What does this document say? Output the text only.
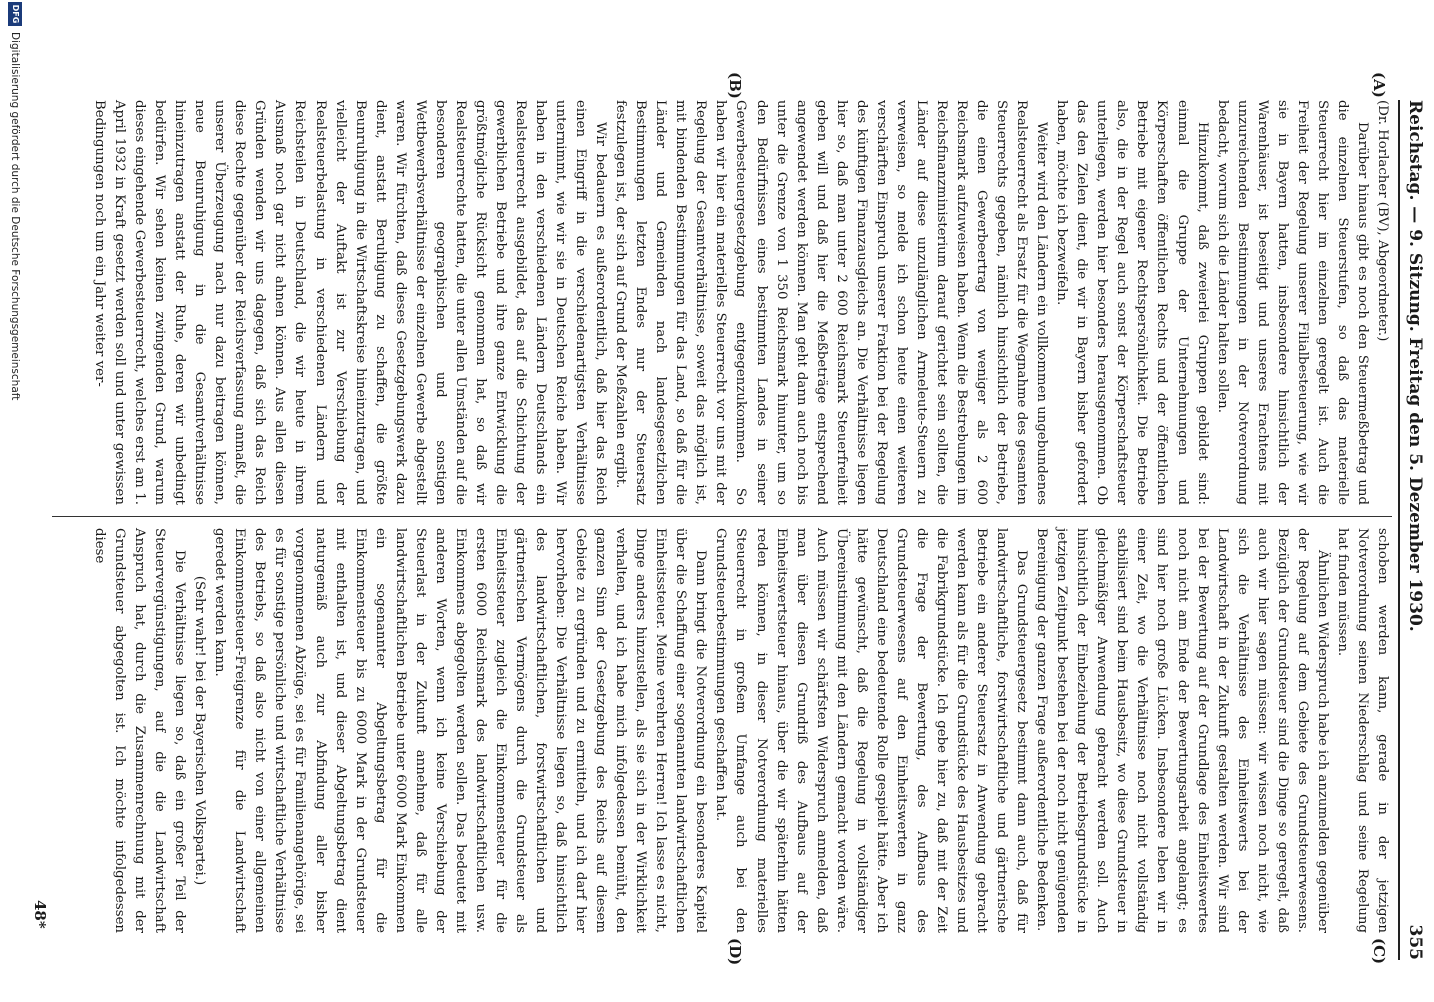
Reichstag. — 9. Sitzung. Freitag den 5. Dezember 1930.
355
(A)
(B)
(C)
(D)

(Dr. Horlacher (BV), Abgeordneter.)

Darüber hinaus gibt es noch den Steuermeßbetrag und die einzelnen Steuerstufen, so daß das materielle Steuerrecht hier im einzelnen geregelt ist. Auch die Freiheit der Regelung unserer Filialbesteuerung, wie wir sie in Bayern hatten, insbesondere hinsichtlich der Warenhäuser, ist beseitigt und unseres Erachtens mit unzureichenden Bestimmungen in der Notverordnung bedacht, worum sich die Länder halten sollen.

Hinzukommt, daß zweierlei Gruppen gebildet sind: einmal die Gruppe der Unternehmungen und Körperschaften öffentlichen Rechts und der öffentlichen Betriebe mit eigener Rechtspersönlichkeit. Die Betriebe also, die in der Regel auch sonst der Körperschaftsteuer unterliegen, werden hier besonders herausgenommen. Ob das den Zielen dient, die wir in Bayern bisher gefordert haben, möchte ich bezweifeln.

Weiter wird den Ländern ein vollkommen ungebundenes Realsteuerrecht als Ersatz für die Wegnahme des gesamten Steuerrechts gegeben, nämlich hinsichtlich der Betriebe, die einen Gewerbeertrag von weniger als 2 600 Reichsmark aufzuweisen haben. Wenn die Bestrebungen im Reichsfinanzministerium darauf gerichtet sein sollten, die Länder auf diese unzulänglichen Armeleute-Steuern zu verweisen, so melde ich schon heute einen weiteren verschärften Einspruch unserer Fraktion bei der Regelung des künftigen Finanzausgleichs an. Die Verhältnisse liegen hier so, daß man unter 2 600 Reichsmark Steuerfreiheit geben will und daß hier die Meßbeträge entsprechend angewendet werden können. Man geht dann auch noch bis unter die Grenze von 1 350 Reichsmark hinunter, um so den Bedürfnissen eines bestimmten Landes in seiner Gewerbesteuergesetzgebung entgegenzukommen. So haben wir hier ein materielles Steuerrecht vor uns mit der Regelung der Gesamtverhältnisse, soweit das möglich ist, mit bindenden Bestimmungen für das Land, so daß für die Länder und Gemeinden nach landesgesetzlichen Bestimmungen letzten Endes nur der Steuersatz festzulegen ist, der sich auf Grund der Meßzahlen ergibt.

Wir bedauern es außerordentlich, daß hier das Reich einen Eingriff in die verschiedenartigsten Verhältnisse unternimmt, wie wir sie in Deutschen Reiche haben. Wir haben in den verschiedenen Ländern Deutschlands ein Realsteuerrecht ausgebildet, das auf die Schichtung der gewerblichen Betriebe und ihre ganze Entwicklung die größtmögliche Rücksicht genommen hat, so daß wir Realsteuerrechte hatten, die unter allen Umständen auf die besonderen geographischen und sonstigen Wettbewerbsverhältnisse der einzelnen Gewerbe abgestellt waren. Wir fürchten, daß dieses Gesetzgebungswerk dazu dient, anstatt Beruhigung zu schaffen, die größte Beunruhigung in die Wirtschaftskreise hineinzutragen, und vielleicht der Auftakt ist zur Verschiebung der Realsteuerbelastung in verschiedenen Ländern und Reichsteilen in Deutschland, die wir heute in ihrem Ausmaß noch gar nicht ahnen können. Aus allen diesen Gründen wenden wir uns dagegen, daß sich das Reich diese Rechte gegenüber der Reichsverfassung anmaßt, die unserer Überzeugung nach nur dazu beitragen können, neue Beunruhigung in die Gesamtverhältnisse hineinzutragen anstatt der Ruhe, deren wir unbedingt bedürfen. Wir sehen keinen zwingenden Grund, warum dieses eingehende Gewerbesteuerrecht, welches erst am 1. April 1932 in Kraft gesetzt werden soll und unter gewissen Bedingungen noch um ein Jahr weiter ver-

schoben werden kann, gerade in der jetzigen Notverordnung seinen Niederschlag und seine Regelung hat finden müssen.

Ähnlichen Widerspruch habe ich anzumelden gegenüber der Regelung auf dem Gebiete des Grundsteuerwesens. Bezüglich der Grundsteuer sind die Dinge so geregelt, daß auch wir hier sagen müssen: wir wissen noch nicht, wie sich die Verhältnisse des Einheitswerts bei der Landwirtschaft in der Zukunft gestalten werden. Wir sind bei der Bewertung auf der Grundlage des Einheitswertes noch nicht am Ende der Bewertungsarbeit angelangt; es sind hier noch große Lücken. Insbesondere leben wir in einer Zeit, wo die Verhältnisse noch nicht vollständig stabilisiert sind beim Hausbesitz, wo diese Grundsteuer in gleichmäßiger Anwendung gebracht werden soll. Auch hinsichtlich der Einbeziehung der Betriebsgrundstücke in jetzigen Zeitpunkt bestehen bei der noch nicht genügenden Bereinigung der ganzen Frage außerordentliche Bedenken.

Das Grundsteuergesetz bestimmt dann auch, daß für landwirtschaftliche, forstwirtschaftliche und gärtnerische Betriebe ein anderer Steuersatz in Anwendung gebracht werden kann als für die Grundstücke des Hausbesitzes und die Fabrikgrundstücke. Ich gebe hier zu, daß mit der Zeit die Frage der Bewertung, des Aufbaus des Grundsteuerwesens auf den Einheitswerten in ganz Deutschland eine bedeutende Rolle gespielt hätte. Aber ich hätte gewünscht, daß die Regelung in vollständiger Übereinstimmung mit den Ländern gemacht worden wäre. Auch müssen wir schärfsten Widerspruch anmelden, daß man über diesen Grundriß des Aufbaus auf der Einheitswertsteuer hinaus, über die wir späterhin hätten reden können, in dieser Notverordnung materielles Steuerrecht in großem Umfange auch bei den Grundsteuerbestimmungen geschaffen hat.

Dann bringt die Notverordnung ein besonderes Kapitel über die Schaffung einer sogenannten landwirtschaftlichen Einheitssteuer. Meine verehrten Herren! Ich lasse es nicht, Dinge anders hinzustellen, als sie sich in der Wirklichkeit verhalten, und ich habe mich infolgedessen bemüht, den ganzen Sinn der Gesetzgebung des Reichs auf diesem Gebiete zu ergründen und zu ermitteln, und ich darf hier hervorheben: Die Verhältnisse liegen so, daß hinsichtlich des landwirtschaftlichen, forstwirtschaftlichen und gärtnerischen Vermögens durch die Grundsteuer als Einheitssteuer zugleich die Einkommensteuer für die ersten 6000 Reichsmark des landwirtschaftlichen usw. Einkommens abgegolten werden sollen. Das bedeutet mit anderen Worten, wenn ich keine Verschiebung der Steuerlast in der Zukunft annehme, daß für alle landwirtschaftlichen Betriebe unter 6000 Mark Einkommen ein sogenannter Abgeltungsbetrag für die Einkommensteuer bis zu 6000 Mark in der Grundsteuer mit enthalten ist, und dieser Abgeltungsbetrag dient naturgemäß auch zur Abfindung aller bisher vorgenommenen Abzüge, sei es für Familienangehörige, sei es für sonstige persönliche und wirtschaftliche Verhältnisse des Betriebs, so daß also nicht von einer allgemeinen Einkommensteuer-Freigrenze für die Landwirtschaft geredet werden kann.

(Sehr wahr! bei der Bayerischen Volkspartei.)

Die Verhältnisse liegen so, daß ein großer Teil der Steuervergünstigungen, auf die die Landwirtschaft Anspruch hat, durch die Zusammenrechnung mit der Grundsteuer abgegolten ist. Ich möchte infolgedessen diese

48*
DFG
Digitalisierung gefördert durch die Deutsche Forschungsgemeinschaft
